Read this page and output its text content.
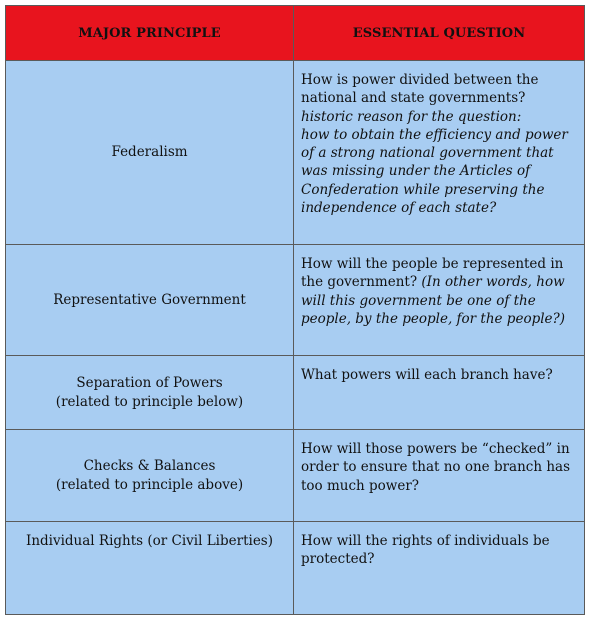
MAJOR PRINCIPLE	ESSENTIAL QUESTION
Federalism	How is power divided between the national and state governments?
historic reason for the question:
how to obtain the efficiency and power of a strong national government that was missing under the Articles of Confederation while preserving the independence of each state?

Representative Government	How will the people be represented in the government? (In other words, how will this government be one of the people, by the people, for the people?)

Separation of Powers
(related to principle below)	What powers will each branch have?

Checks & Balances
(related to principle above)	How will those powers be “checked” in order to ensure that no one branch has too much power?
Individual Rights (or Civil Liberties)	How will the rights of individuals be protected?
